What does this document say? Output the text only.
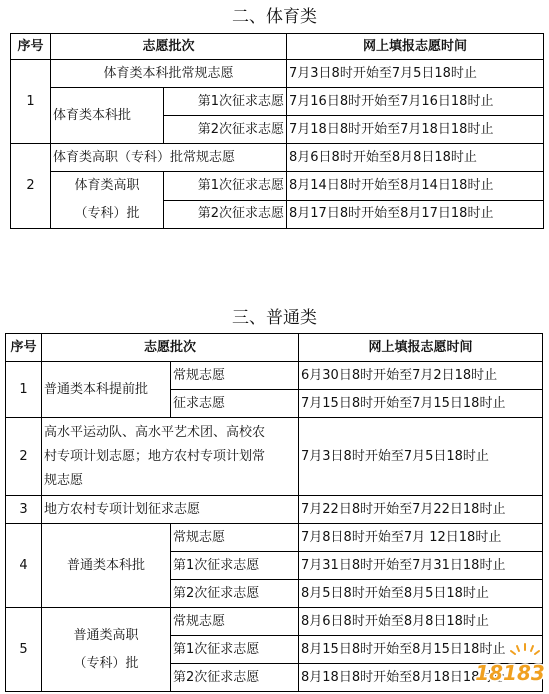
二、体育类
序号	志愿批次		网上填报志愿时间
1	体育类本科批常规志愿		7月3日8时开始至7月5日18时止
	体育类本科批	第1次征求志愿	7月16日8时开始至7月16日18时止
		第2次征求志愿	7月18日8时开始至7月18日18时止
2	体育类高职（专科）批常规志愿		8月6日8时开始至8月8日18时止

	体育类高职
（专科）批	第1次征求志愿	8月14日8时开始至8月14日18时止
		第2次征求志愿	8月17日8时开始至8月17日18时止
三、普通类
序号	志愿批次		网上填报志愿时间
1	普通类本科提前批	常规志愿	6月30日8时开始至7月2日18时止
		征求志愿	7月15日8时开始至7月15日18时止
2	高水平运动队、高水平艺术团、高校农
村专项计划志愿；地方农村专项计划常
规志愿		7月3日8时开始至7月5日18时止
3	地方农村专项计划征求志愿		7月22日8时开始至7月22日18时止
4	普通类本科批	常规志愿	7月8日8时开始至7月 12日18时止
		第1次征求志愿	7月31日8时开始至7月31日18时止
		第2次征求志愿	8月5日8时开始至8月5日18时止
5	普通类高职
（专科）批	常规志愿	8月6日8时开始至8月8日18时止
		第1次征求志愿	8月15日8时开始至8月15日18时止
		第2次征求志愿	8月18日8时开始至8月18日18时止
18183
